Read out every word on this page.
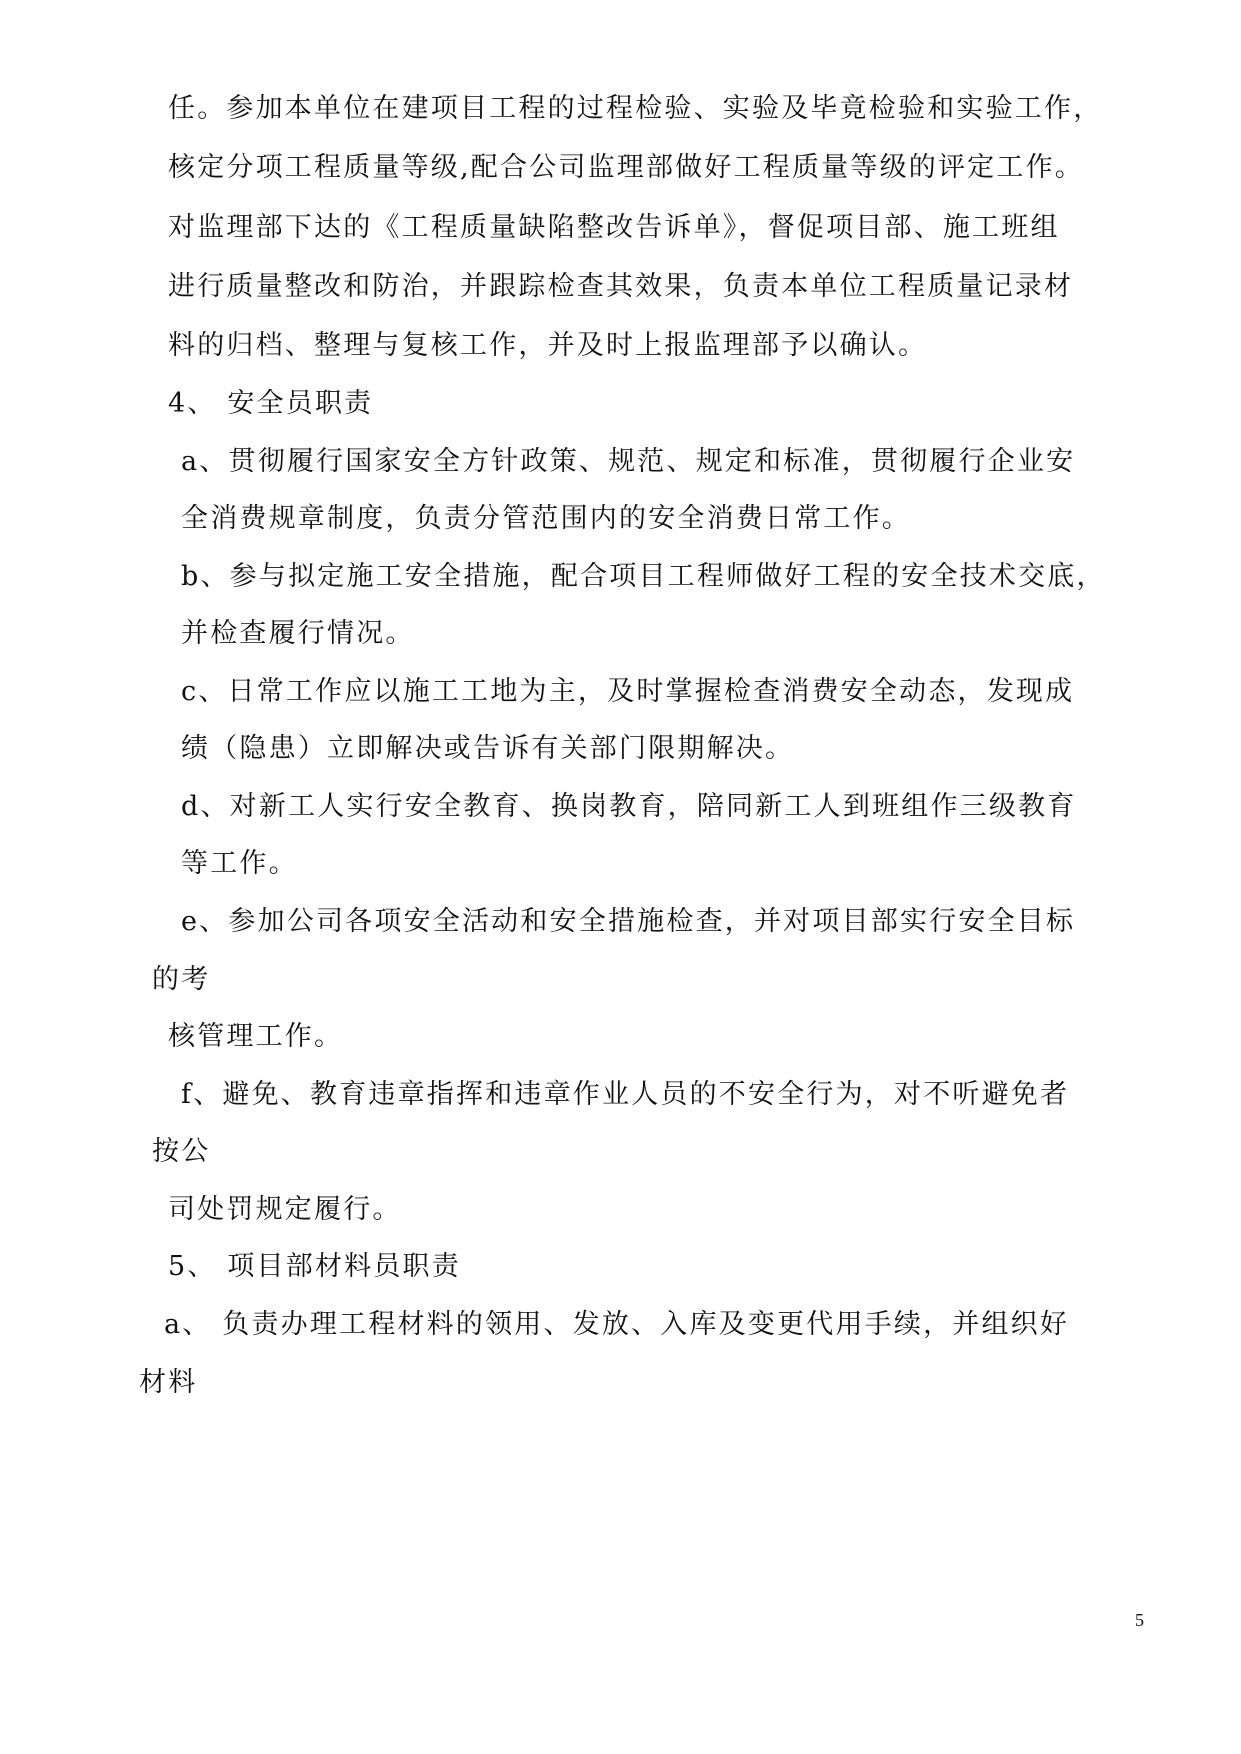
任。参加本单位在建项目工程的过程检验、实验及毕竟检验和实验工作，
核定分项工程质量等级,配合公司监理部做好工程质量等级的评定工作。
对监理部下达的《工程质量缺陷整改告诉单》，督促项目部、施工班组
进行质量整改和防治，并跟踪检查其效果，负责本单位工程质量记录材
料的归档、整理与复核工作，并及时上报监理部予以确认。
4、 安全员职责
a、贯彻履行国家安全方针政策、规范、规定和标准，贯彻履行企业安
全消费规章制度，负责分管范围内的安全消费日常工作。
b、参与拟定施工安全措施，配合项目工程师做好工程的安全技术交底，
并检查履行情况。
c、日常工作应以施工工地为主，及时掌握检查消费安全动态，发现成
绩（隐患）立即解决或告诉有关部门限期解决。
d、对新工人实行安全教育、换岗教育，陪同新工人到班组作三级教育
等工作。
e、参加公司各项安全活动和安全措施检查，并对项目部实行安全目标
的考
核管理工作。
f、避免、教育违章指挥和违章作业人员的不安全行为，对不听避免者
按公
司处罚规定履行。
5、 项目部材料员职责
a、 负责办理工程材料的领用、发放、入库及变更代用手续，并组织好
材料
5
